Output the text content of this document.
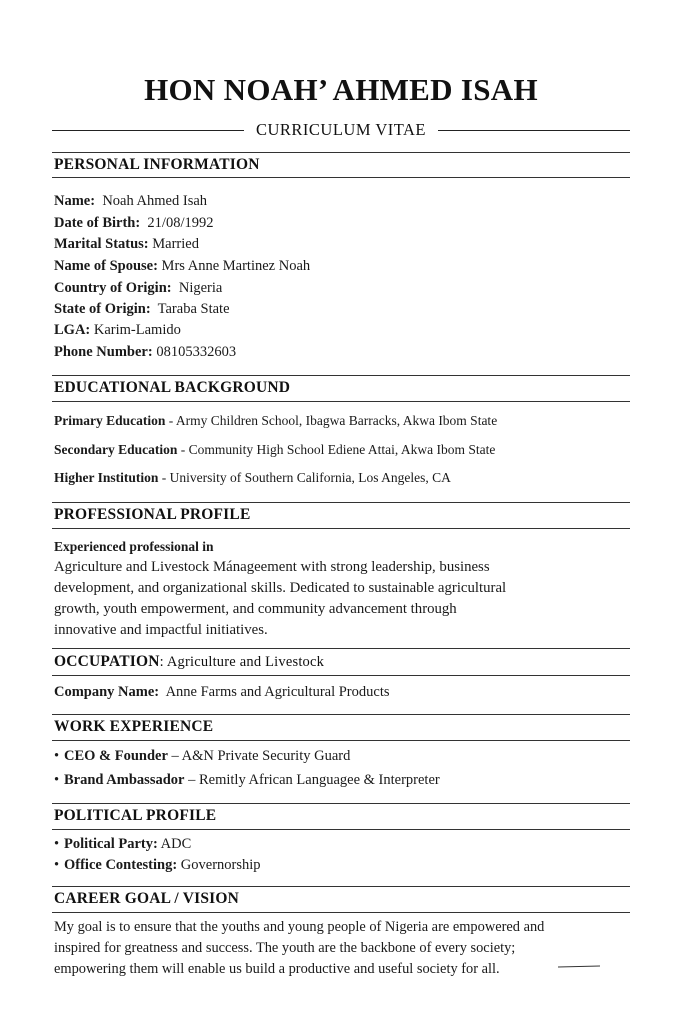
HON NOAH’ AHMED ISAH
CURRICULUM VITAE
PERSONAL INFORMATION
Name: Noah Ahmed Isah
Date of Birth: 21/08/1992
Marital Status: Married
Name of Spouse: Mrs Anne Martinez Noah
Country of Origin: Nigeria
State of Origin: Taraba State
LGA: Karim-Lamido
Phone Number: 08105332603
EDUCATIONAL BACKGROUND
Primary Education - Army Children School, Ibagwa Barracks, Akwa Ibom State
Secondary Education - Community High School Ediene Attai, Akwa Ibom State
Higher Institution - University of Southern California, Los Angeles, CA
PROFESSIONAL PROFILE
Experienced professional in
Agriculture and Livestock Mánageement with strong leadership, business
development, and organizational skills. Dedicated to sustainable agricultural
growth, youth empowerment, and community advancement through
innovative and impactful initiatives.
OCCUPATION: Agriculture and Livestock
Company Name: Anne Farms and Agricultural Products
WORK EXPERIENCE
• CEO & Founder – A&N Private Security Guard
• Brand Ambassador – Remitly African Languagee & Interpreter
POLITICAL PROFILE
• Political Party: ADC
• Office Contesting: Governorship
CAREER GOAL / VISION
My goal is to ensure that the youths and young people of Nigeria are empowered and
inspired for greatness and success. The youth are the backbone of every society;
empowering them will enable us build a productive and useful society for all.
